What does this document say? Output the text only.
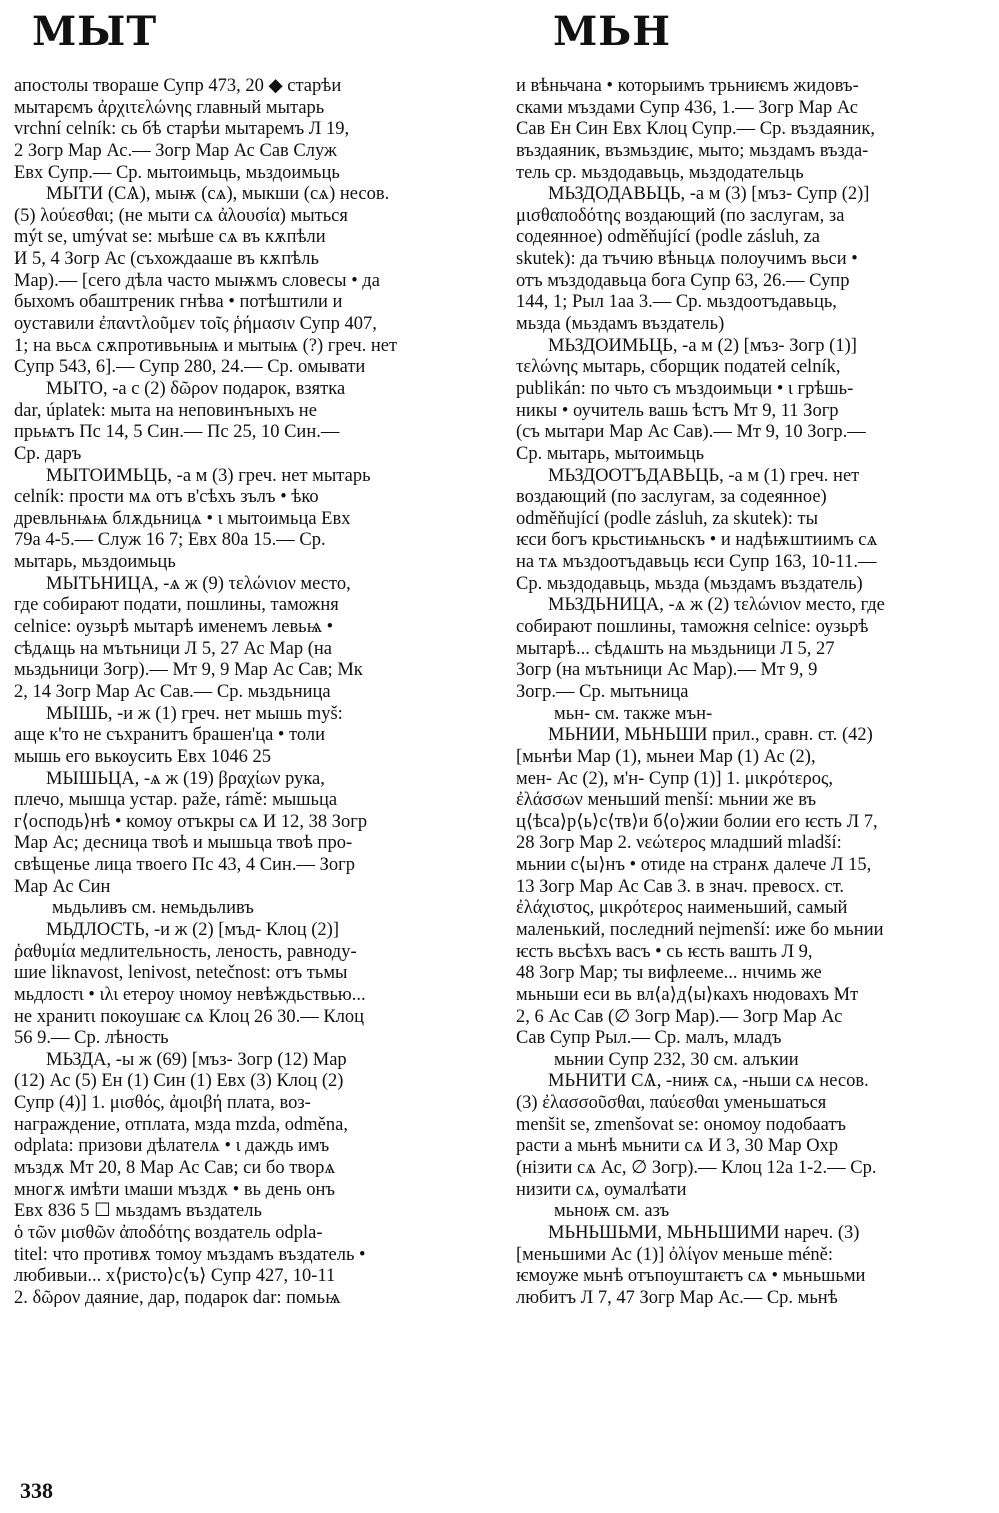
МЫТ	МЬН
апостолы творaше Супр 473, 20 ◆ старѣи
мытарємъ ἀρχιτελώνης главный мытарь
vrchní celník: сь бѣ старѣи мытаремъ Л 19,
2 Зогр Мар Ас.— Зогр Мар Ас Сав Служ
Евх Супр.— Ср. мытоимьць, мьздоимьць
МЫТИ (СѦ), мыѭ (сѧ), мыкши (сѧ) несов.
(5) λούεσθαι; (не мыти сѧ ἀλουσία) мыться
mýt se, umývat se: мыѣше сѧ въ кѫпѣли
И 5, 4 Зогр Ас (съхождааше въ кѫпѣль
Мар).— [сего дѣла часто мыѭмъ словесы • да
быхомъ обаштреник гнѣва • потѣштили и
оуставили ἐπαντλοῦμεν τοῖς ῥήμασιν Супр 407,
1; на вьсѧ сѫпротивьныѩ и мытыѩ (?) греч. нет
Супр 543, 6].— Супр 280, 24.— Ср. омывати
МЫТО, -а с (2) δῶρον подарок, взятка
dar, úplatek: мыта на неповинъныхъ не
прьѩтъ Пс 14, 5 Син.— Пс 25, 10 Син.—
Ср. даръ
МЫТОИМЬЦЬ, -а м (3) греч. нет мытарь
celník: прости мѧ отъ в'сѣхъ зълъ • ѣко
древльнѩѩ блѫдьницѧ • ι мытоимьца Евх
79а 4-5.— Служ 16 7; Евх 80а 15.— Ср.
мытарь, мьздоимьць
МЫТЬНИЦА, -ѧ ж (9) τελώνιον место,
где собирают подати, пошлины, таможня
celnice: оузьрѣ мытарѣ именемъ левьѩ •
сѣдѧщь на мътьници Л 5, 27 Ас Мар (на
мьздьници Зогр).— Мт 9, 9 Мар Ас Сав; Мк
2, 14 Зогр Мар Ас Сав.— Ср. мьздьница
МЫШЬ, -и ж (1) греч. нет мышь myš:
аще к'то не съхранитъ брашен'ца • толи
мышь его вькоусить Евх 1046 25
МЫШЬЦА, -ѧ ж (19) βραχίων рука,
плечо, мышца устар. paže, rámě: мышьца
г⟨осподь⟩нѣ • комоу отъкры сѧ И 12, 38 Зогр
Мар Ас; десница твоѣ и мышьца твоѣ про-
свѣщенье лица твоего Пс 43, 4 Син.— Зогр
Мар Ас Син
мьдьливъ см. немьдьливъ
МЬДЛОСТЬ, -и ж (2) [мъд- Клоц (2)]
ῥαθυμία медлительность, леность, равноду-
шие liknavost, lenivost, netečnost: отъ тьмы
мьдлостι • ιλι етероу ιномоу невѣждьствью...
не храниτι покоушаѥ сѧ Клоц 26 30.— Клоц
56 9.— Ср. лѣность
МЬЗДА, -ы ж (69) [мъз- Зогр (12) Мар
(12) Ас (5) Ен (1) Син (1) Евх (3) Клоц (2)
Супр (4)] 1. μισθός, ἀμοιβή плата, воз-
награждение, отплата, мзда mzda, odměna,
odplata: призови дѣлателѧ • ι даждь имъ
мъздѫ Мт 20, 8 Мар Ас Сав; си бо творѧ
многѫ имѣти ιмаши мъздѫ • вь день онъ
Евх 836 5 ☐ мьздамъ въздатель
ὁ τῶν μισθῶν ἀποδότης воздатель odpla-
titel: что противѫ томоу мъздамъ въздатель •
любивыи... х⟨ристо⟩с⟨ъ⟩ Супр 427, 10-11
2. δῶρον даяние, дар, подарок dar: помьѩ
и вѣньчана • которыимъ трьниѥмъ жидовъ-
сками мъздами Супр 436, 1.— Зогр Мар Ас
Сав Ен Син Евх Клоц Супр.— Ср. въздаяник,
въздаяник, възмьздиѥ, мыто; мьздамъ възда-
тель ср. мьздодавьць, мьздодательць
МЬЗДОДАВЬЦЬ, -а м (3) [мъз- Супр (2)]
μισθαποδότης воздающий (по заслугам, за
содеянное) odměňující (podle zásluh, za
skutek): да тъчию вѣньцѧ полоучимъ вьси •
отъ мъздодавьца бога Супр 63, 26.— Супр
144, 1; Рыл 1аа 3.— Ср. мьздоотъдавьць,
мьзда (мьздамъ въздатель)
МЬЗДОИМЬЦЬ, -а м (2) [мъз- Зогр (1)]
τελώνης мытарь, сборщик податей celník,
publikán: по чьто съ мъздоимьци • ι грѣшь-
никы • оучитель вашь ѣстъ Мт 9, 11 Зогр
(съ мытари Мар Ас Сав).— Мт 9, 10 Зогр.—
Ср. мытарь, мытоимьць
МЬЗДООТЪДАВЬЦЬ, -а м (1) греч. нет
воздающий (по заслугам, за содеянное)
odměňující (podle zásluh, za skutek): ты
ѥси богъ крьстиѩньскъ • и надѣѭштиимъ сѧ
на тѧ мъздоотъдавьць ѥси Супр 163, 10-11.—
Ср. мьздодавьць, мьзда (мьздамъ въздатель)
МЬЗДЬНИЦА, -ѧ ж (2) τελώνιον место, где
собирают пошлины, таможня celnice: оузьрѣ
мытарѣ... сѣдѧшть на мьздьници Л 5, 27
Зогр (на мътьници Ас Мар).— Мт 9, 9
Зогр.— Ср. мытьница
мьн- см. также мън-
МЬНИИ, МЬНЬШИ прил., сравн. ст. (42)
[мьнѣи Мар (1), мьнеи Мар (1) Ас (2),
мен- Ас (2), м'н- Супр (1)] 1. μικρότερος,
ἐλάσσων меньший menší: мьнии же въ
ц⟨ѣса⟩р⟨ь⟩с⟨тв⟩и б⟨о⟩жии болии его ѥсть Л 7,
28 Зогр Мар 2. νεώτερος младший mladší:
мьнии с⟨ы⟩нъ • отиде на странѫ далече Л 15,
13 Зогр Мар Ас Сав 3. в знач. превосх. ст.
ἐλάχιστος, μικρότερος наименьший, самый
маленький, последний nejmenší: иже бо мьнии
ѥсть вьсѣхъ васъ • сь ѥсть вашть Л 9,
48 Зогр Мар; ты вифлеемe... нιчимь же
мьньши еси вь вл⟨а⟩д⟨ы⟩кахъ нюдовахъ Мт
2, 6 Ас Сав (∅ Зогр Мар).— Зогр Мар Ас
Сав Супр Рыл.— Ср. малъ, младъ
мьнии Супр 232, 30 см. алъкии
МЬНИТИ СѦ, -ниѭ сѧ, -ньши сѧ несов.
(3) ἐλασσοῦσθαι, παύεσθαι уменьшаться
menšit se, zmenšovat se: ономоу подобаатъ
расти а мьнѣ мьнити сѧ И 3, 30 Мар Охр
(нізити сѧ Ас, ∅ Зогр).— Клоц 12а 1-2.— Ср.
низити сѧ, оумалѣати
мьноѭ см. азъ
МЬНЬШЬМИ, МЬНЬШИМИ нареч. (3)
[меньшими Ас (1)] ὀλίγον меньше méně:
ѥмоуже мьнѣ отъпоуштаѥтъ сѧ • мьньшьми
любитъ Л 7, 47 Зогр Мар Ас.— Ср. мьнѣ
338
